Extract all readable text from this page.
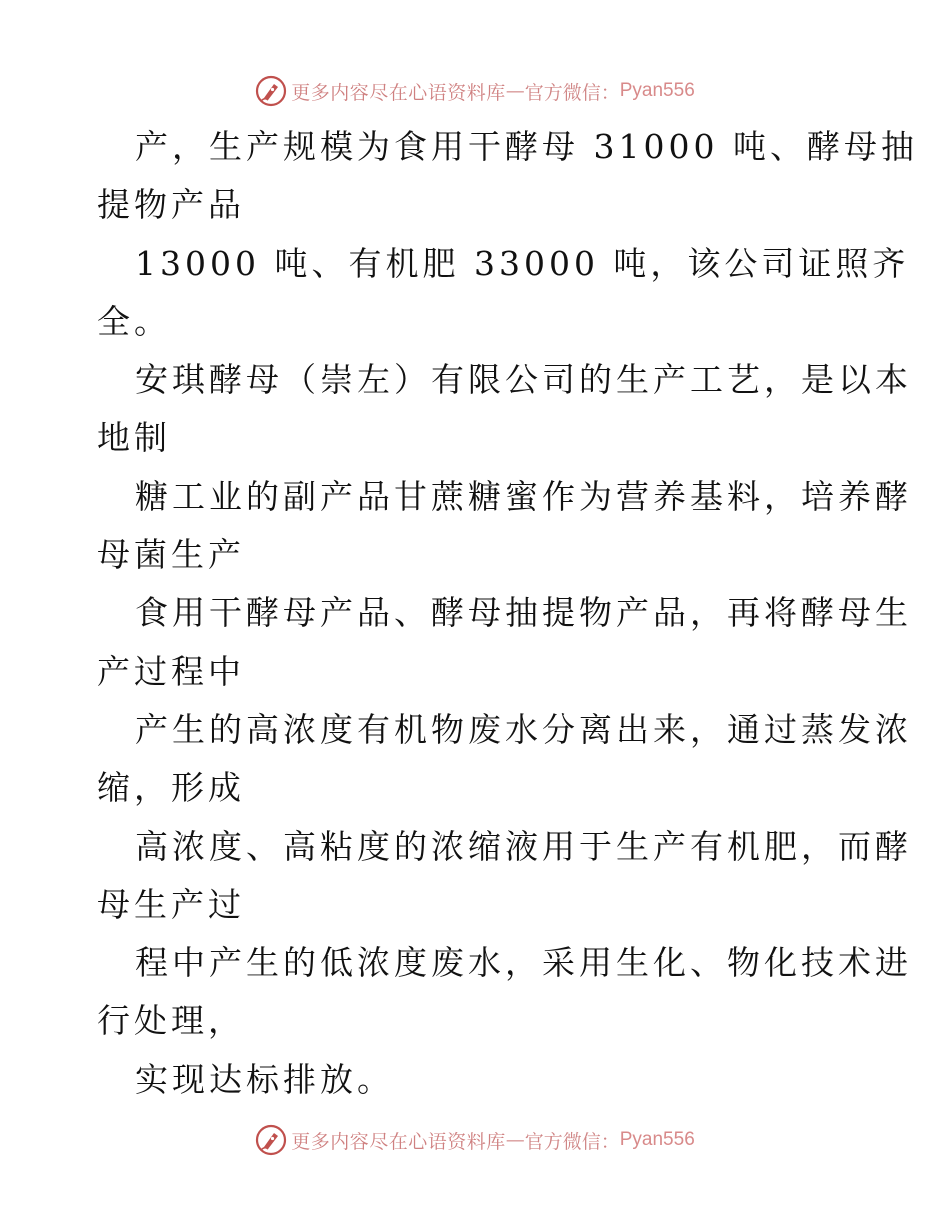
更多内容尽在心语资料库 — 官方微信： Pyan556
产，生产规模为食用干酵母 31000 吨、酵母抽
提物产品
13000 吨、有机肥 33000 吨，该公司证照齐
全。
安琪酵母（崇左）有限公司的生产工艺，是以本
地制
糖工业的副产品甘蔗糖蜜作为营养基料，培养酵
母菌生产
食用干酵母产品、酵母抽提物产品，再将酵母生
产过程中
产生的高浓度有机物废水分离出来，通过蒸发浓
缩，形成
高浓度、高粘度的浓缩液用于生产有机肥，而酵
母生产过
程中产生的低浓度废水，采用生化、物化技术进
行处理，
实现达标排放。
更多内容尽在心语资料库 — 官方微信： Pyan556
